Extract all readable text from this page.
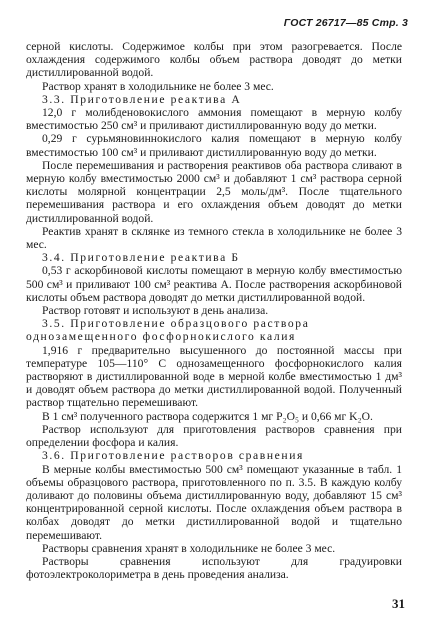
ГОСТ 26717—85 Стр. 3

серной кислоты. Содержимое колбы при этом разогревается. После охлаждения содержимого колбы объем раствора доводят до метки дистиллированной водой.

Раствор хранят в холодильнике не более 3 мес.

3.3. Приготовление реактива А

12,0 г молибденовокислого аммония помещают в мерную колбу вместимостью 250 см³ и приливают дистиллированную воду до метки.

0,29 г сурьмяновиннокислого калия помещают в мерную колбу вместимостью 100 см³ и приливают дистиллированную воду до метки.

После перемешивания и растворения реактивов оба раствора сливают в мерную колбу вместимостью 2000 см³ и добавляют 1 см³ раствора серной кислоты молярной концентрации 2,5 моль/дм³. После тщательного перемешивания раствора и его охлаждения объем доводят до метки дистиллированной водой.

Реактив хранят в склянке из темного стекла в холодильнике не более 3 мес.

3.4. Приготовление реактива Б

0,53 г аскорбиновой кислоты помещают в мерную колбу вместимостью 500 см³ и приливают 100 см³ реактива А. После растворения аскорбиновой кислоты объем раствора доводят до метки дистиллированной водой.

Раствор готовят и используют в день анализа.

3.5. Приготовление образцового раствора однозамещенного фосфорнокислого калия

1,916 г предварительно высушенного до постоянной массы при температуре 105—110° С однозамещенного фосфорнокислого калия растворяют в дистиллированной воде в мерной колбе вместимостью 1 дм³ и доводят объем раствора до метки дистиллированной водой. Полученный раствор тщательно перемешивают.

В 1 см³ полученного раствора содержится 1 мг P₂O₅ и 0,66 мг K₂O.

Раствор используют для приготовления растворов сравнения при определении фосфора и калия.

3.6. Приготовление растворов сравнения

В мерные колбы вместимостью 500 см³ помещают указанные в табл. 1 объемы образцового раствора, приготовленного по п. 3.5. В каждую колбу доливают до половины объема дистиллированную воду, добавляют 15 см³ концентрированной серной кислоты. После охлаждения объем раствора в колбах доводят до метки дистиллированной водой и тщательно перемешивают.

Растворы сравнения хранят в холодильнике не более 3 мес.

Растворы сравнения используют для градуировки фотоэлектроколориметра в день проведения анализа.

31
